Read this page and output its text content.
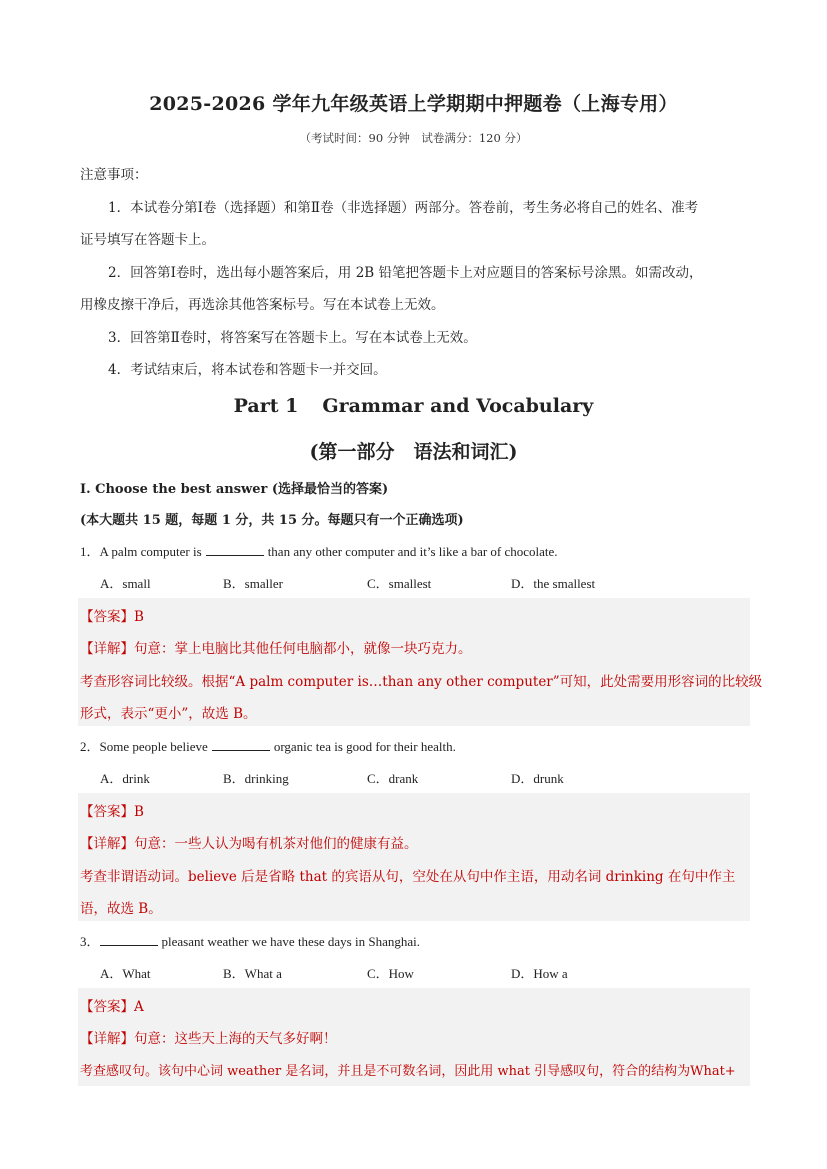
2025-2026 学年九年级英语上学期期中押题卷（上海专用）
（考试时间：90 分钟　试卷满分：120 分）
注意事项：
1．本试卷分第Ⅰ卷（选择题）和第Ⅱ卷（非选择题）两部分。答卷前，考生务必将自己的姓名、准考
证号填写在答题卡上。
2．回答第Ⅰ卷时，选出每小题答案后，用 2B 铅笔把答题卡上对应题目的答案标号涂黑。如需改动，
用橡皮擦干净后，再选涂其他答案标号。写在本试卷上无效。
3．回答第Ⅱ卷时，将答案写在答题卡上。写在本试卷上无效。
4．考试结束后，将本试卷和答题卡一并交回。
Part 1 Grammar and Vocabulary
(第一部分　语法和词汇)
I. Choose the best answer (选择最恰当的答案)
(本大题共 15 题，每题 1 分，共 15 分。每题只有一个正确选项)
1．A palm computer is	than any other computer and it’s like a bar of chocolate.
A．small	B．smaller	C．smallest	D．the smallest
【答案】B
【详解】句意：掌上电脑比其他任何电脑都小，就像一块巧克力。
考查形容词比较级。根据“A palm computer is…than any other computer”可知，此处需要用形容词的比较级
形式，表示“更小”，故选 B。
2．Some people believe	organic tea is good for their health.
A．drink	B．drinking	C．drank	D．drunk
【答案】B
【详解】句意：一些人认为喝有机茶对他们的健康有益。
考查非谓语动词。believe 后是省略 that 的宾语从句，空处在从句中作主语，用动名词 drinking 在句中作主
语，故选 B。
3．	pleasant weather we have these days in Shanghai.
A．What	B．What a	C．How	D．How a
【答案】A
【详解】句意：这些天上海的天气多好啊！
考查感叹句。该句中心词 weather 是名词，并且是不可数名词，因此用 what 引导感叹句，符合的结构为What+
